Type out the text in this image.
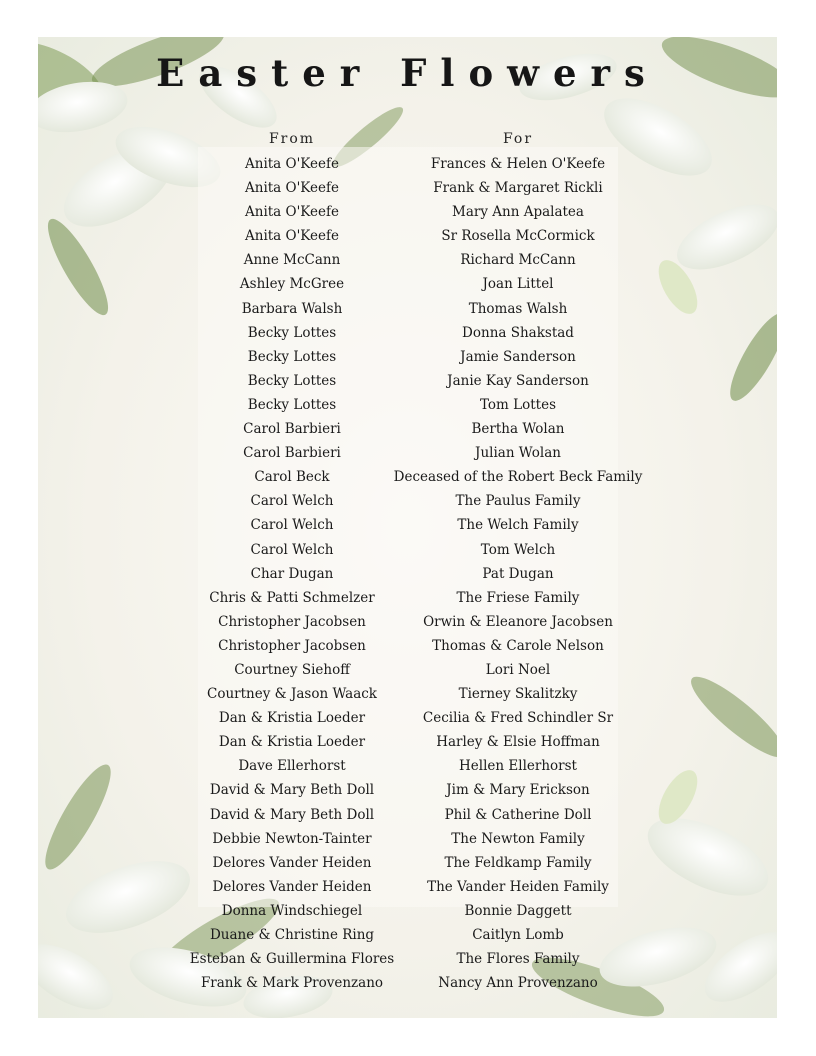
Easter Flowers
From	For
Anita O'Keefe
Anita O'Keefe
Anita O'Keefe
Anita O'Keefe
Anne McCann
Ashley McGree
Barbara Walsh
Becky Lottes
Becky Lottes
Becky Lottes
Becky Lottes
Carol Barbieri
Carol Barbieri
Carol Beck
Carol Welch
Carol Welch
Carol Welch
Char Dugan
Chris & Patti Schmelzer
Christopher Jacobsen
Christopher Jacobsen
Courtney Siehoff
Courtney & Jason Waack
Dan & Kristia Loeder
Dan & Kristia Loeder
Dave Ellerhorst
David & Mary Beth Doll
David & Mary Beth Doll
Debbie Newton-Tainter
Delores Vander Heiden
Delores Vander Heiden
Donna Windschiegel
Duane & Christine Ring
Esteban & Guillermina Flores
Frank & Mark Provenzano
Frances & Helen O'Keefe
Frank & Margaret Rickli
Mary Ann Apalatea
Sr Rosella McCormick
Richard McCann
Joan Littel
Thomas Walsh
Donna Shakstad
Jamie Sanderson
Janie Kay Sanderson
Tom Lottes
Bertha Wolan
Julian Wolan
Deceased of the Robert Beck Family
The Paulus Family
The Welch Family
Tom Welch
Pat Dugan
The Friese Family
Orwin & Eleanore Jacobsen
Thomas & Carole Nelson
Lori Noel
Tierney Skalitzky
Cecilia & Fred Schindler Sr
Harley & Elsie Hoffman
Hellen Ellerhorst
Jim & Mary Erickson
Phil & Catherine Doll
The Newton Family
The Feldkamp Family
The Vander Heiden Family
Bonnie Daggett
Caitlyn Lomb
The Flores Family
Nancy Ann Provenzano
